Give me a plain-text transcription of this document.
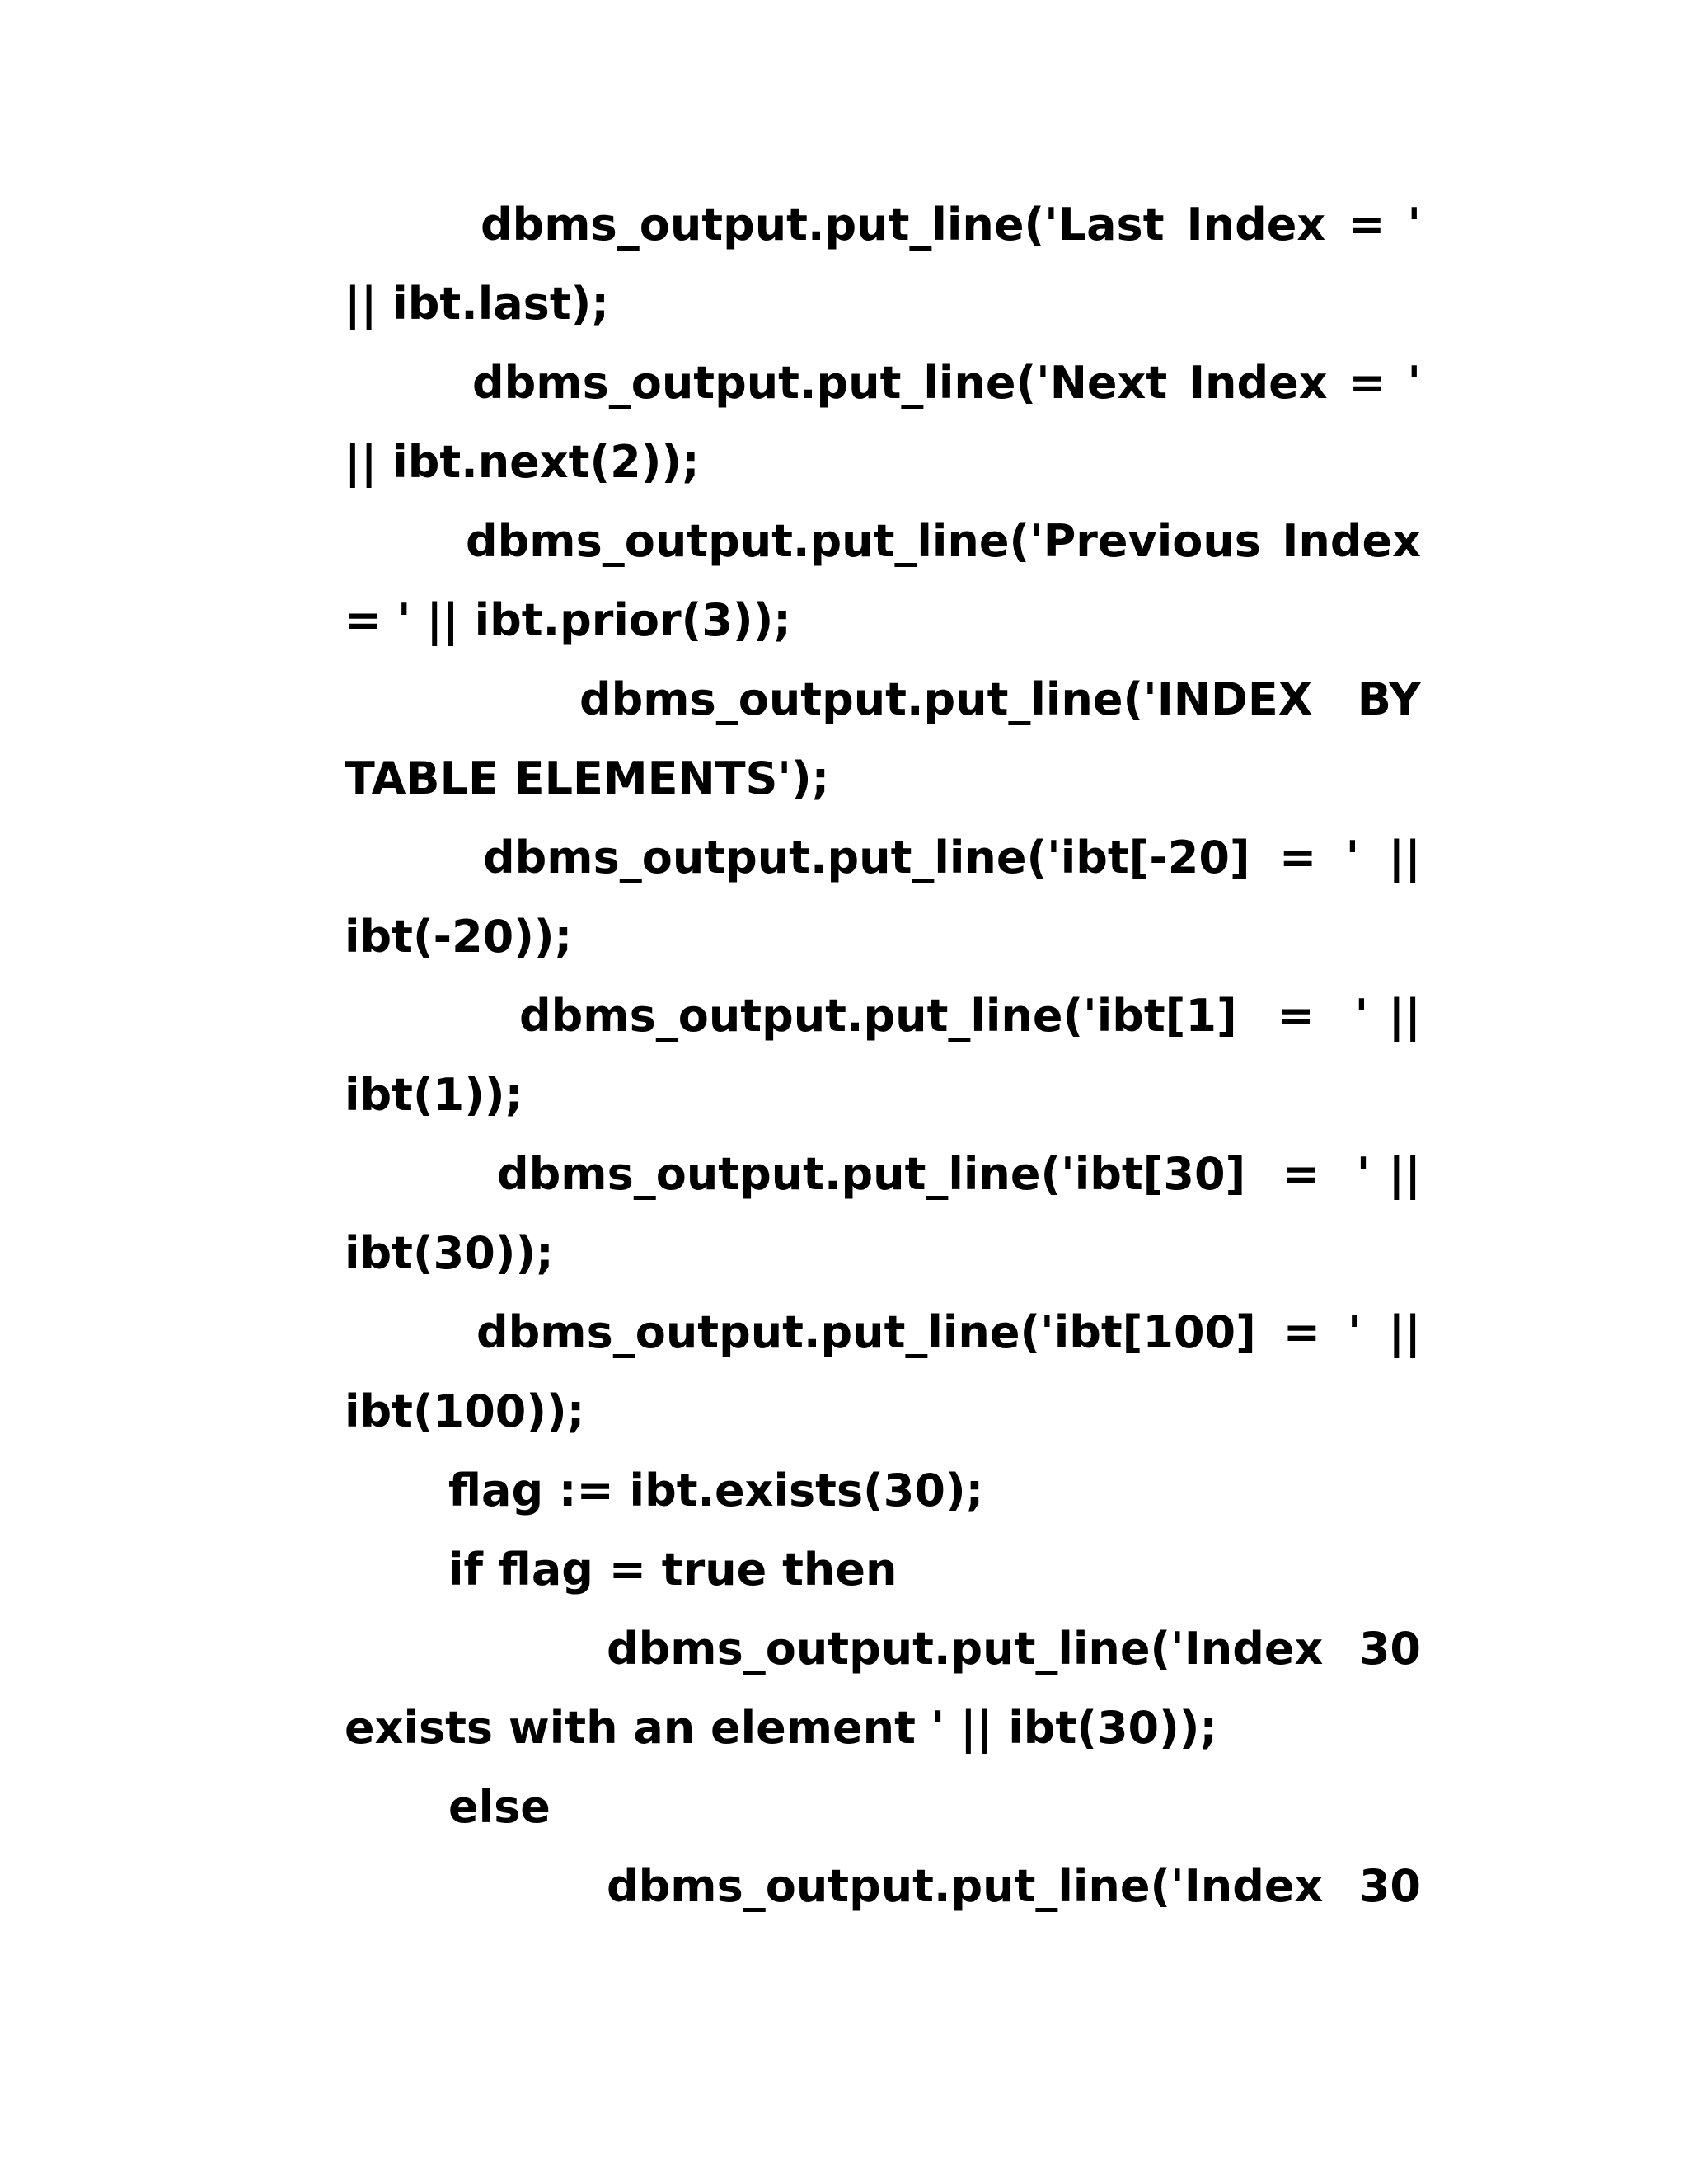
dbms_output.put_line('Last Index = '
|| ibt.last);
dbms_output.put_line('Next Index = '
|| ibt.next(2));
dbms_output.put_line('Previous Index
= ' || ibt.prior(3));
dbms_output.put_line('INDEX  BY
TABLE ELEMENTS');
dbms_output.put_line('ibt[-20] = ' ||
ibt(-20));
dbms_output.put_line('ibt[1]  =  ' ||
ibt(1));
dbms_output.put_line('ibt[30]  =  ' ||
ibt(30));
dbms_output.put_line('ibt[100] = ' ||
ibt(100));
flag := ibt.exists(30);
if flag = true then
dbms_output.put_line('Index  30
exists with an element ' || ibt(30));
else
dbms_output.put_line('Index  30
